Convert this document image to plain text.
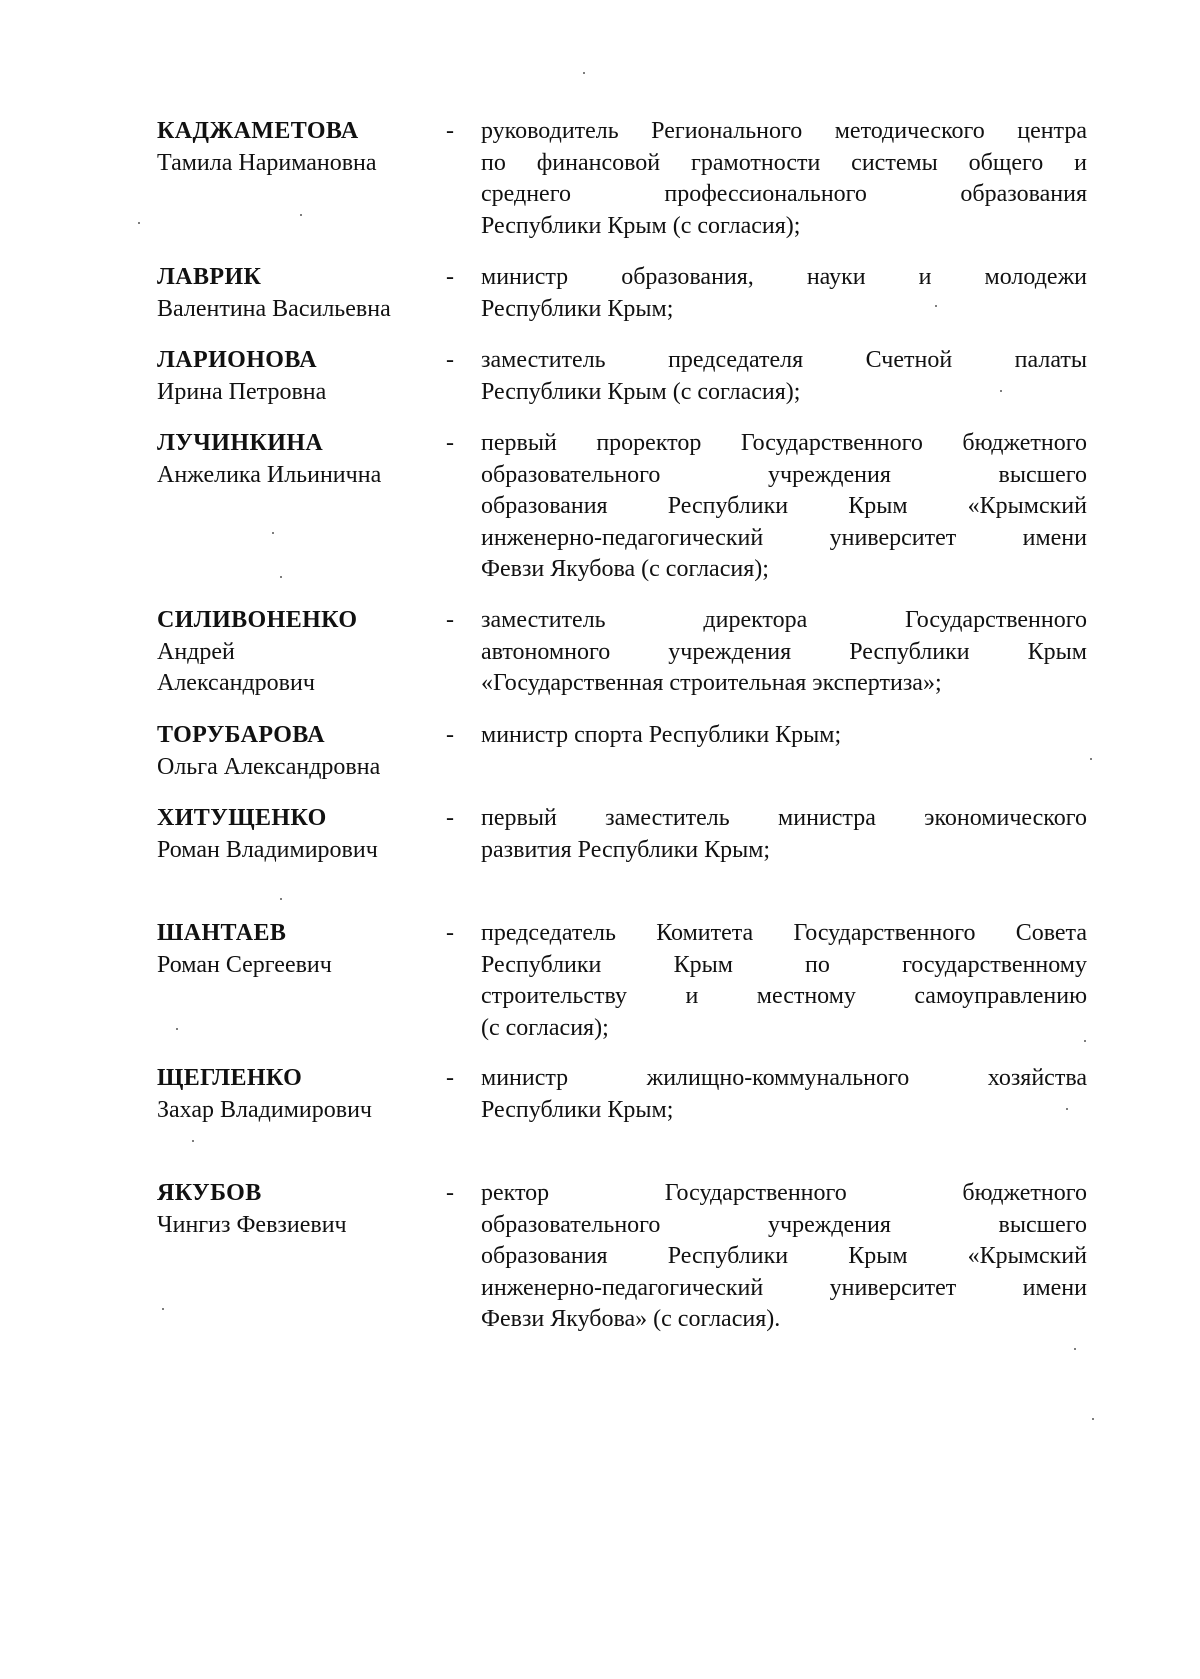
КАДЖАМЕТОВА
Тамила Наримановна
- руководитель Регионального методического центра
по финансовой грамотности системы общего и
среднего профессионального образования
Республики Крым (с согласия);
ЛАВРИК
Валентина Васильевна
- министр образования, науки и молодежи
Республики Крым;
ЛАРИОНОВА
Ирина Петровна
- заместитель председателя Счетной палаты
Республики Крым (с согласия);
ЛУЧИНКИНА
Анжелика Ильинична
- первый проректор Государственного бюджетного
образовательного учреждения высшего
образования Республики Крым «Крымский
инженерно-педагогический университет имени
Февзи Якубова (с согласия);
СИЛИВОНЕНКО
Андрей
Александрович
- заместитель директора Государственного
автономного учреждения Республики Крым
«Государственная строительная экспертиза»;
ТОРУБАРОВА
Ольга Александровна
- министр спорта Республики Крым;
ХИТУЩЕНКО
Роман Владимирович
- первый заместитель министра экономического
развития Республики Крым;
ШАНТАЕВ
Роман Сергеевич
- председатель Комитета Государственного Совета
Республики Крым по государственному
строительству и местному самоуправлению
(с согласия);
ЩЕГЛЕНКО
Захар Владимирович
- министр жилищно-коммунального хозяйства
Республики Крым;
ЯКУБОВ
Чингиз Февзиевич
- ректор Государственного бюджетного
образовательного учреждения высшего
образования Республики Крым «Крымский
инженерно-педагогический университет имени
Февзи Якубова» (с согласия).
